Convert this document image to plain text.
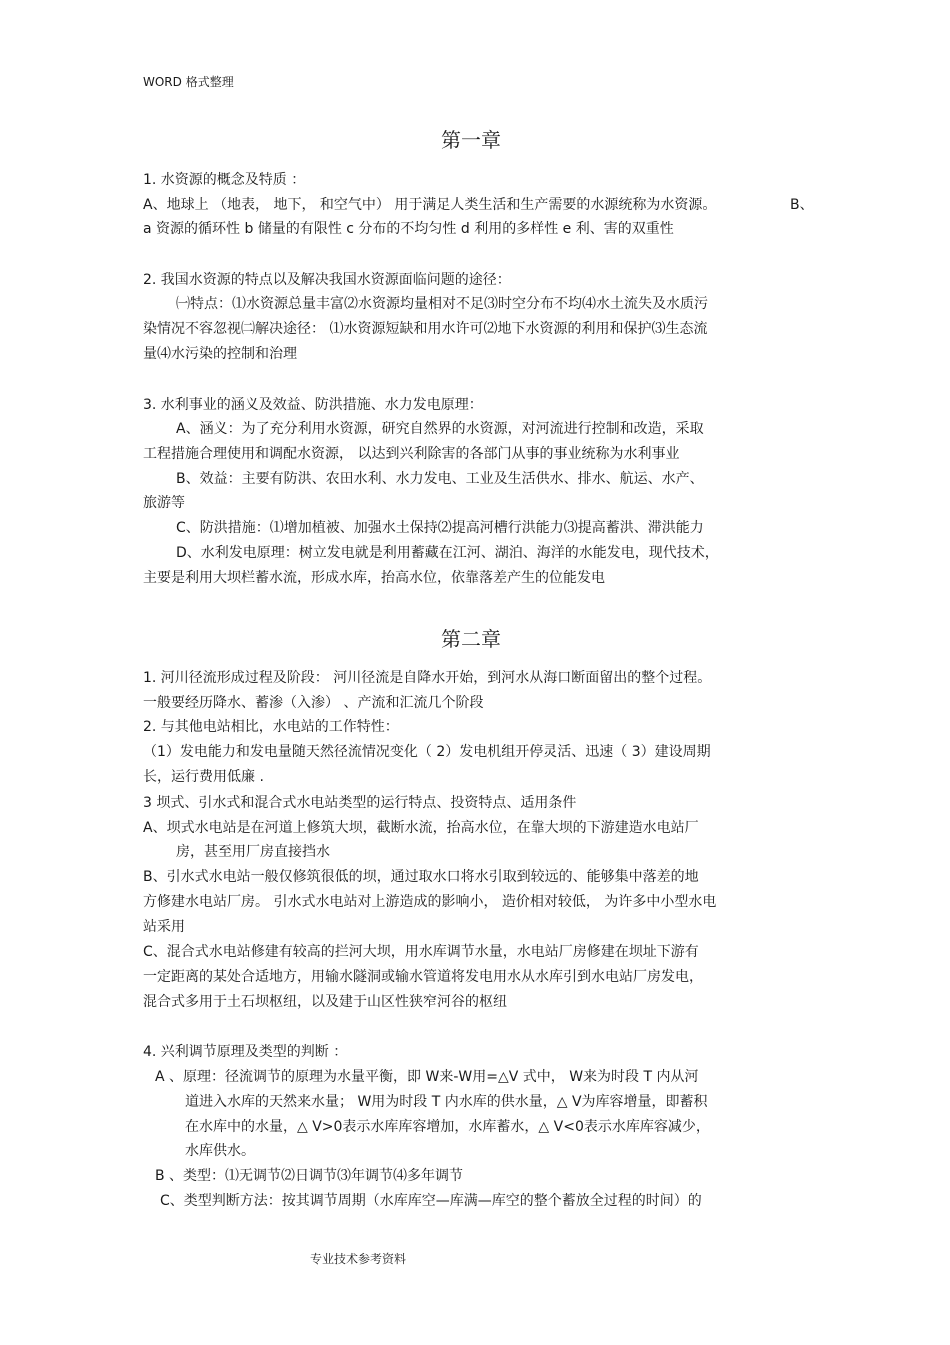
WORD 格式整理
第一章
1. 水资源的概念及特质 ：
A、地球上 （地表， 地下， 和空气中） 用于满足人类生活和生产需要的水源统称为水资源。	B、
a 资源的循环性 b 储量的有限性 c 分布的不均匀性 d 利用的多样性 e 利、害的双重性
2. 我国水资源的特点以及解决我国水资源面临问题的途径：
㈠特点：⑴水资源总量丰富⑵水资源均量相对不足⑶时空分布不均⑷水土流失及水质污
染情况不容忽视㈡解决途径： ⑴水资源短缺和用水许可⑵地下水资源的利用和保护⑶生态流
量⑷水污染的控制和治理
3. 水利事业的涵义及效益、防洪措施、水力发电原理：
A、涵义：为了充分利用水资源，研究自然界的水资源，对河流进行控制和改造，采取
工程措施合理使用和调配水资源， 以达到兴利除害的各部门从事的事业统称为水利事业
B、效益：主要有防洪、农田水利、水力发电、工业及生活供水、排水、航运、水产、
旅游等
C、防洪措施：⑴增加植被、加强水土保持⑵提高河槽行洪能力⑶提高蓄洪、滞洪能力
D、水利发电原理：树立发电就是利用蓄藏在江河、湖泊、海洋的水能发电，现代技术，
主要是利用大坝栏蓄水流，形成水库，抬高水位，依靠落差产生的位能发电
第二章
1. 河川径流形成过程及阶段： 河川径流是自降水开始，到河水从海口断面留出的整个过程。
一般要经历降水、蓄渗（入渗） 、产流和汇流几个阶段
2. 与其他电站相比，水电站的工作特性：
（1）发电能力和发电量随天然径流情况变化（ 2）发电机组开停灵活、迅速（ 3）建设周期
长，运行费用低廉 .
3 坝式、引水式和混合式水电站类型的运行特点、投资特点、适用条件
A、坝式水电站是在河道上修筑大坝，截断水流，抬高水位，在靠大坝的下游建造水电站厂
房，甚至用厂房直接挡水
B、引水式水电站一般仅修筑很低的坝，通过取水口将水引取到较远的、能够集中落差的地
方修建水电站厂房。 引水式水电站对上游造成的影响小， 造价相对较低， 为许多中小型水电
站采用
C、混合式水电站修建有较高的拦河大坝，用水库调节水量，水电站厂房修建在坝址下游有
一定距离的某处合适地方，用输水隧洞或输水管道将发电用水从水库引到水电站厂房发电，
混合式多用于土石坝枢纽，以及建于山区性狭窄河谷的枢纽
4. 兴利调节原理及类型的判断 ：
A 、原理：径流调节的原理为水量平衡，即 W来-W用=△V 式中， W来为时段 T 内从河
道进入水库的天然来水量； W用为时段 T 内水库的供水量，△ V为库容增量，即蓄积
在水库中的水量，△ V>0表示水库库容增加，水库蓄水，△ V<0表示水库库容减少，
水库供水。
B 、类型：⑴无调节⑵日调节⑶年调节⑷多年调节
C、类型判断方法：按其调节周期（水库库空—库满—库空的整个蓄放全过程的时间）的
专业技术参考资料
